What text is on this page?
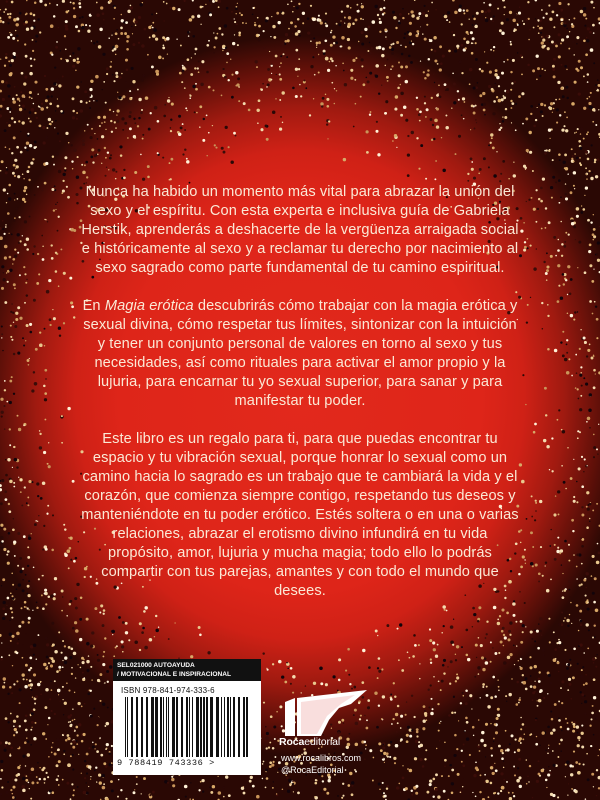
Nunca ha habido un momento más vital para abrazar la unión del sexo y el espíritu. Con esta experta e inclusiva guía de Gabriela Herstik, aprenderás a deshacerte de la vergüenza arraigada social e históricamente al sexo y a reclamar tu derecho por nacimiento al sexo sagrado como parte fundamental de tu camino espiritual.

En Magia erótica descubrirás cómo trabajar con la magia erótica y sexual divina, cómo respetar tus límites, sintonizar con la intuición y tener un conjunto personal de valores en torno al sexo y tus necesidades, así como rituales para activar el amor propio y la lujuria, para encarnar tu yo sexual superior, para sanar y para manifestar tu poder.

Este libro es un regalo para ti, para que puedas encontrar tu espacio y tu vibración sexual, porque honrar lo sexual como un camino hacia lo sagrado es un trabajo que te cambiará la vida y el corazón, que comienza siempre contigo, respetando tus deseos y manteniéndote en tu poder erótico. Estés soltera o en una o varias relaciones, abrazar el erotismo divino infundirá en tu vida propósito, amor, lujuria y mucha magia; todo ello lo podrás compartir con tus parejas, amantes y con todo el mundo que desees.

SEL021000 AUTOAYUDA
/ MOTIVACIONAL E INSPIRACIONAL
ISBN 978-841-974-333-6
9 788419 743336 >
Rocaeditorial
www.rocalibros.com
@RocaEditorial
